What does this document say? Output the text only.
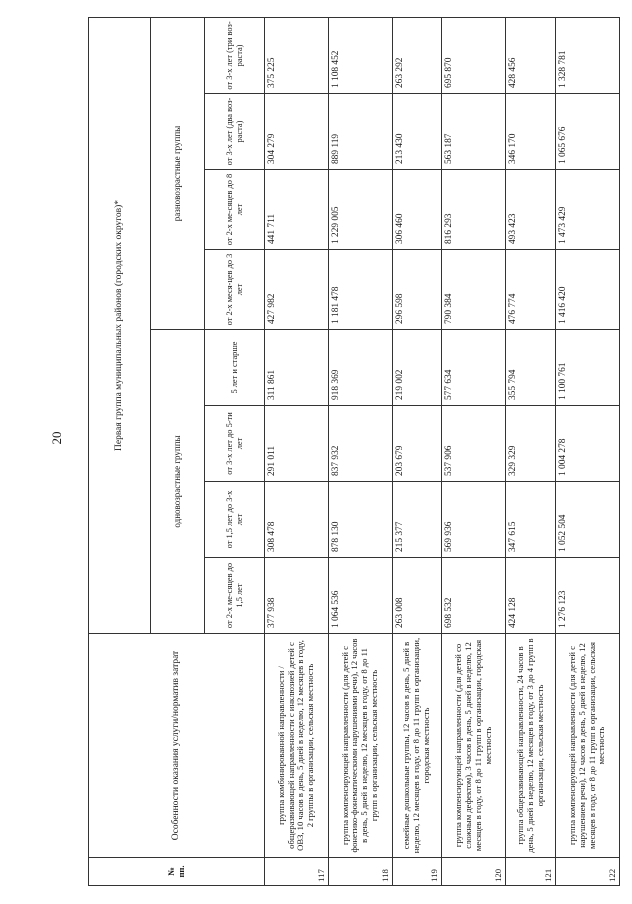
20
№ пп.	Особенности оказания услуги/норматив затрат	Первая группа муниципальных районов (городских округов)*							
		одновозрастные группы				разновозрастные группы			
		от 2-х ме-сяцев до 1,5 лет	от 1,5 лет до 3-х лет	от 3-х лет до 5-ти лет	5 лет и старше	от 2-х меся-цев до 3 лет	от 2-х ме-сяцев до 8 лет	от 3-х лет (два воз-раста)	от 3-х лет (три воз-раста)
117	группа комбинированной направленности / общеразвивающей направленности с инклюзией детей с ОВЗ, 10 часов в день, 5 дней в неделю, 12 месяцев в году, 2 группы в организации, сельская местность	377 938	308 478	291 011	311 861	427 982	441 711	304 279	375 225
118	группа компенсирующей направленности (для детей с фонетико-фонематическими нарушениями речи), 12 часов в день, 5 дней в неделю, 12 месяцев в году, от 8 до 11 групп в организации, сельская местность	1 064 536	878 130	837 932	918 369	1 181 478	1 229 005	889 119	1 108 452
119	семейные дошкольные группы, 12 часов в день, 5 дней в неделю, 12 месяцев в году, от 8 до 11 групп в организации, городская местность	263 008	215 377	203 679	219 002	296 598	306 460	213 430	263 292
120	группа компенсирующей направленности (для детей со сложным дефектом), 3 часов в день, 5 дней в неделю, 12 месяцев в году, от 8 до 11 групп в организации, городская местность	698 532	569 936	537 906	577 634	790 384	816 293	563 187	695 870
121	группа общеразвивающей направленности, 24 часов в день, 5 дней в неделю, 12 месяцев в году, от 3 до 4 групп в организации, сельская местность	424 128	347 615	329 329	355 794	476 774	493 423	346 170	428 456
122	группа компенсирующей направленности (для детей с нарушением речи), 12 часов в день, 5 дней в неделю, 12 месяцев в году, от 8 до 11 групп в организации, сельская местность	1 276 123	1 052 504	1 004 278	1 100 761	1 416 420	1 473 429	1 065 676	1 328 781
